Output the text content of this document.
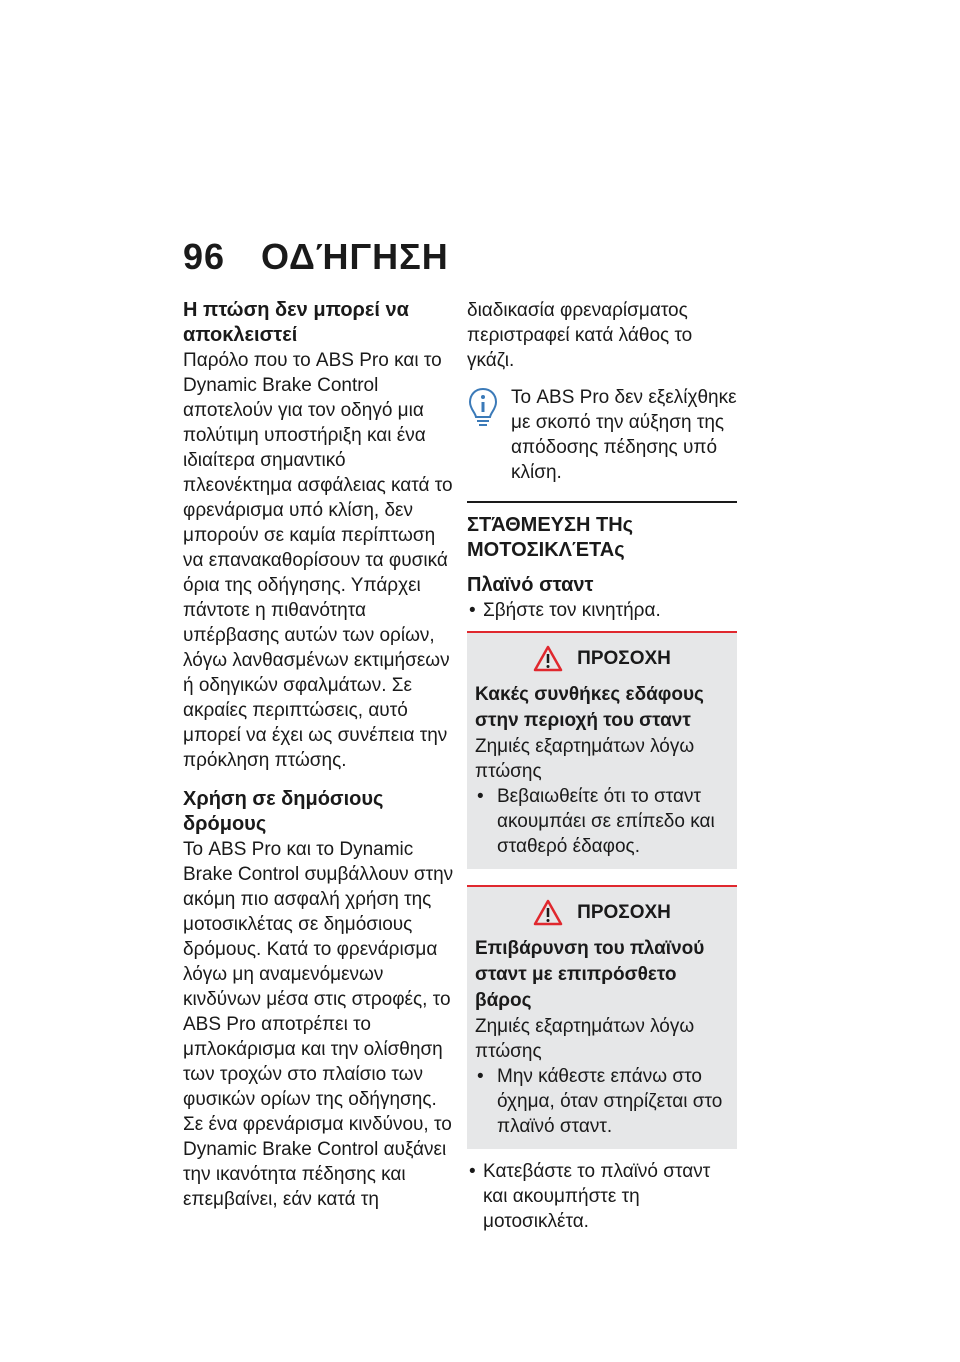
96 ΟΔΉΓΗΣΗ
Η πτώση δεν μπορεί να αποκλειστεί

Παρόλο που το ABS Pro και το Dynamic Brake Control αποτελούν για τον οδηγό μια πολύτιμη υποστήριξη και ένα ιδιαίτερα σημαντικό πλεονέκτημα ασφάλειας κατά το φρενάρισμα υπό κλίση, δεν μπορούν σε καμία περίπτωση να επανακαθορίσουν τα φυσικά όρια της οδήγησης. Υπάρχει πάντοτε η πιθανότητα υπέρβασης αυτών των ορίων, λόγω λανθασμένων εκτιμήσεων ή οδηγικών σφαλμάτων. Σε ακραίες περιπτώσεις, αυτό μπορεί να έχει ως συνέπεια την πρόκληση πτώσης.

Χρήση σε δημόσιους δρόμους

Το ABS Pro και το Dynamic Brake Control συμβάλλουν στην ακόμη πιο ασφαλή χρήση της μοτοσικλέτας σε δημόσιους δρόμους. Κατά το φρενάρισμα λόγω μη αναμενόμενων κινδύνων μέσα στις στροφές, το ABS Pro αποτρέπει το μπλοκάρισμα και την ολίσθηση των τροχών στο πλαίσιο των φυσικών ορίων της οδήγησης. Σε ένα φρενάρισμα κινδύνου, το Dynamic Brake Control αυξάνει την ικανότητα πέδησης και επεμβαίνει, εάν κατά τη

διαδικασία φρεναρίσματος περιστραφεί κατά λάθος το γκάζι.

Το ABS Pro δεν εξελίχθηκε με σκοπό την αύξηση της απόδοσης πέδησης υπό κλίση.
ΣΤΆΘΜΕΥΣΗ ΤΗς ΜΟΤΟΣΙΚΛΈΤΑς
Πλαϊνό σταντ
• Σβήστε τον κινητήρα.
ΠΡΟΣΟΧΗ
Κακές συνθήκες εδάφους στην περιοχή του σταντ

Ζημιές εξαρτημάτων λόγω πτώσης

• Βεβαιωθείτε ότι το σταντ ακουμπάει σε επίπεδο και σταθερό έδαφος.
ΠΡΟΣΟΧΗ
Επιβάρυνση του πλαϊνού σταντ με επιπρόσθετο βάρος

Ζημιές εξαρτημάτων λόγω πτώσης

• Μην κάθεστε επάνω στο όχημα, όταν στηρίζεται στο πλαϊνό σταντ.
• Κατεβάστε το πλαϊνό σταντ και ακουμπήστε τη μοτοσικλέτα.
